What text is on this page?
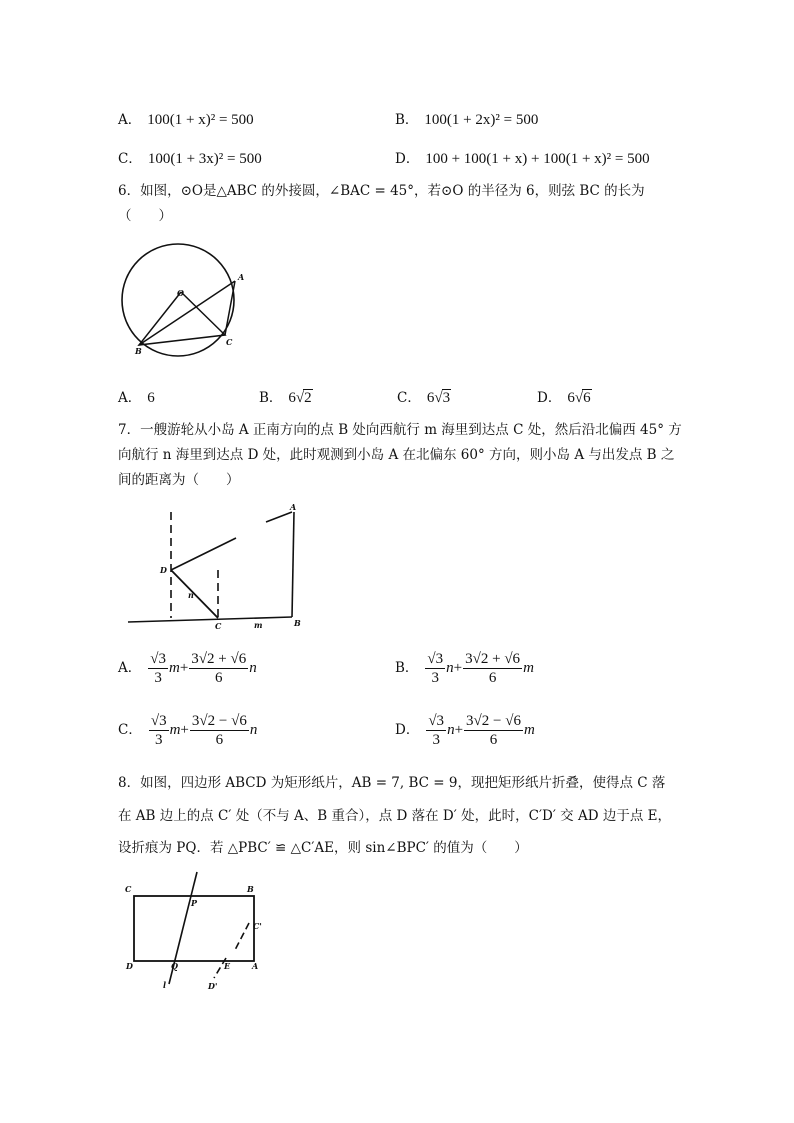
A． 100(1 + x)² = 500	B． 100(1 + 2x)² = 500
C． 100(1 + 3x)² = 500	D． 100 + 100(1 + x) + 100(1 + x)² = 500
6．如图，⊙O是△ABC 的外接圆，∠BAC = 45°，若⊙O 的半径为 6，则弦 BC 的长为
（　　）
O
A
B
C
A． 6	B． 6√2	C． 6√3	D． 6√6
7．一艘游轮从小岛 A 正南方向的点 B 处向西航行 m 海里到达点 C 处，然后沿北偏西 45° 方
向航行 n 海里到达点 D 处，此时观测到小岛 A 在北偏东 60° 方向，则小岛 A 与出发点 B 之
间的距离为（　　）
A
B
C
D
m
n
A． $\frac{√3}{3} m+ \frac{3√2 + √6}{6}$ n	B． $\frac{√3}{3} n+ \frac{3√2 + √6}{6}$ m
C． $\frac{√3}{3} m+ \frac{3√2 - √6}{6}$ n	D． $\frac{√3}{3} n+ \frac{3√2 - √6}{6}$ m
8．如图，四边形 ABCD 为矩形纸片，AB = 7, BC = 9，现把矩形纸片折叠，使得点 C 落
在 AB 边上的点 C′ 处（不与 A、B 重合），点 D 落在 D′ 处，此时，C′D′ 交 AD 边于点 E，
设折痕为 PQ．若 △PBC′ ≌ △C′AE，则 sin∠BPC′ 的值为（　　）
C	B
P
C'
D	Q	E	A
D'
l
